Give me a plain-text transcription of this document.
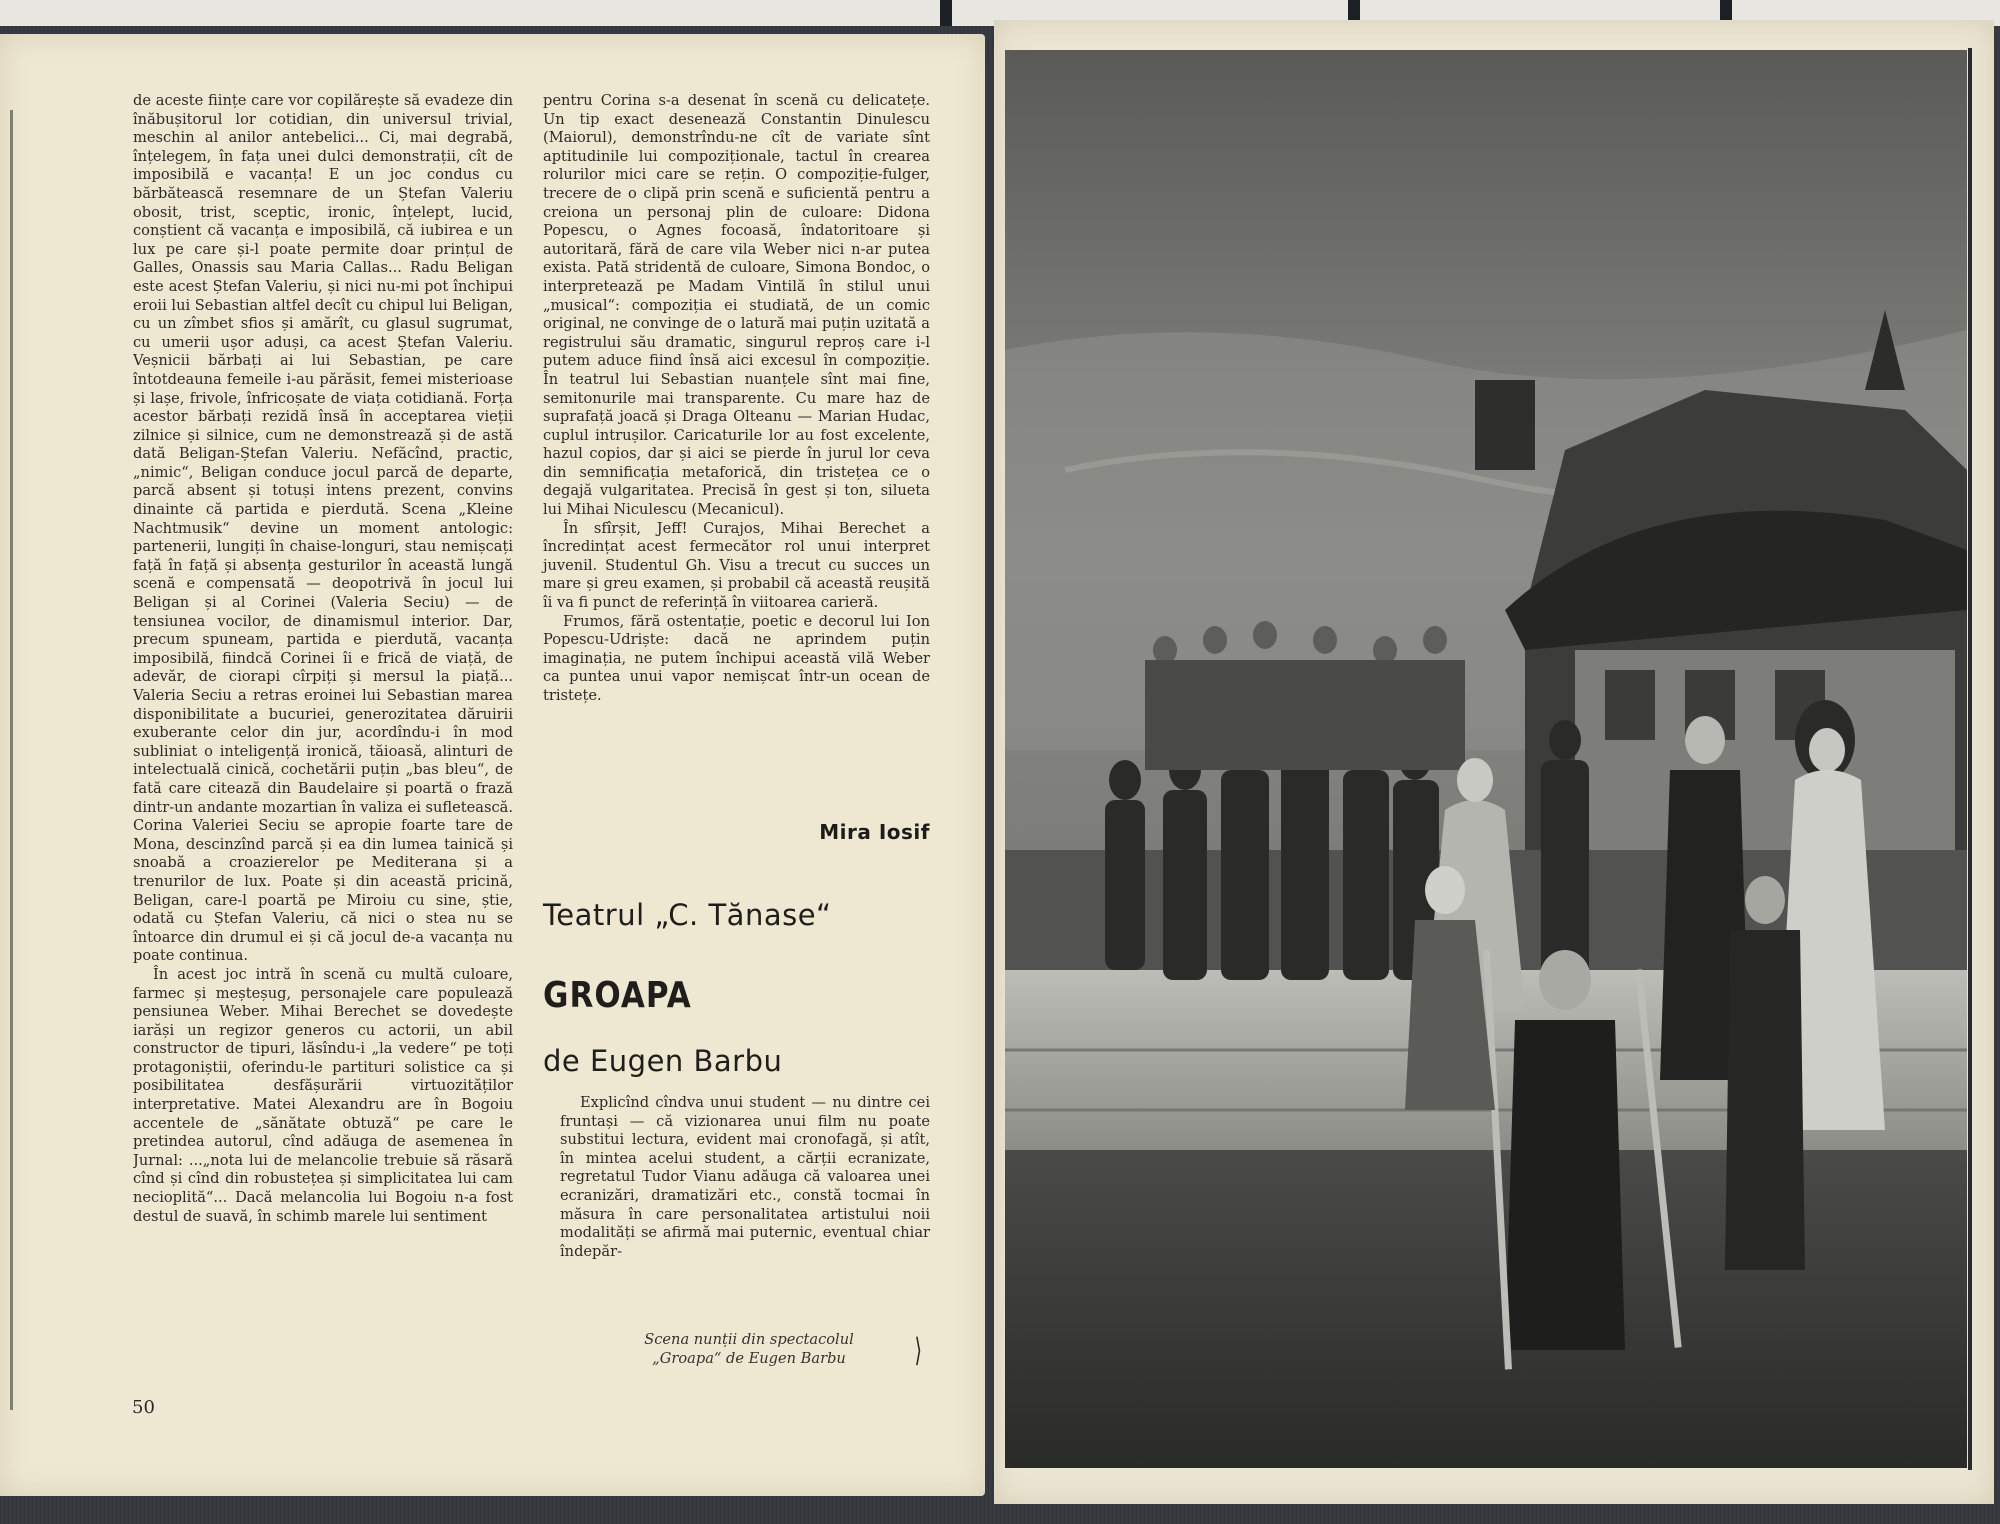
de aceste ființe care vor copilărește să evadeze din înăbușitorul lor cotidian, din universul trivial, meschin al anilor antebelici... Ci, mai degrabă, înțelegem, în fața unei dulci demonstrații, cît de imposibilă e vacanța! E un joc condus cu bărbătească resemnare de un Ștefan Valeriu obosit, trist, sceptic, ironic, înțelept, lucid, conștient că vacanța e imposibilă, că iubirea e un lux pe care și-l poate permite doar prințul de Galles, Onassis sau Maria Callas... Radu Beligan este acest Ștefan Valeriu, și nici nu-mi pot închipui eroii lui Sebastian altfel decît cu chipul lui Beligan, cu un zîmbet sfios și amărît, cu glasul sugrumat, cu umerii ușor aduși, ca acest Ștefan Valeriu. Veșnicii bărbați ai lui Sebastian, pe care întotdeauna femeile i-au părăsit, femei misterioase și lașe, frivole, înfricoșate de viața cotidiană. Forța acestor bărbați rezidă însă în acceptarea vieții zilnice și silnice, cum ne demonstrează și de astă dată Beligan-Ștefan Valeriu. Nefăcînd, practic, „nimic“, Beligan conduce jocul parcă de departe, parcă absent și totuși intens prezent, convins dinainte că partida e pierdută. Scena „Kleine Nachtmusik“ devine un moment antologic: partenerii, lungiți în chaise-longuri, stau nemișcați față în față și absența gesturilor în această lungă scenă e compensată — deopotrivă în jocul lui Beligan și al Corinei (Valeria Seciu) — de tensiunea vocilor, de dinamismul interior. Dar, precum spuneam, partida e pierdută, vacanța imposibilă, fiindcă Corinei îi e frică de viață, de adevăr, de ciorapi cîrpiți și mersul la piață... Valeria Seciu a retras eroinei lui Sebastian marea disponibilitate a bucuriei, generozitatea dăruirii exuberante celor din jur, acordîndu-i în mod subliniat o inteligență ironică, tăioasă, alinturi de intelectuală cinică, cochetării puțin „bas bleu“, de fată care citează din Baudelaire și poartă o frază dintr-un andante mozartian în valiza ei sufletească. Corina Valeriei Seciu se apropie foarte tare de Mona, descinzînd parcă și ea din lumea tainică și snoabă a croazierelor pe Mediterana și a trenurilor de lux. Poate și din această pricină, Beligan, care-l poartă pe Miroiu cu sine, știe, odată cu Ștefan Valeriu, că nici o stea nu se întoarce din drumul ei și că jocul de-a vacanța nu poate continua.

În acest joc intră în scenă cu multă culoare, farmec și meșteșug, personajele care populează pensiunea Weber. Mihai Berechet se dovedește iarăși un regizor generos cu actorii, un abil constructor de tipuri, lăsîndu-i „la vedere“ pe toți protagoniștii, oferindu-le partituri solistice ca și posibilitatea desfășurării virtuozităților interpretative. Matei Alexandru are în Bogoiu accentele de „sănătate obtuză“ pe care le pretindea autorul, cînd adăuga de asemenea în Jurnal: ...„nota lui de melancolie trebuie să răsară cînd și cînd din robustețea și simplicitatea lui cam necioplită“... Dacă melancolia lui Bogoiu n-a fost destul de suavă, în schimb marele lui sentiment

pentru Corina s-a desenat în scenă cu delicatețe. Un tip exact desenează Constantin Dinulescu (Maiorul), demonstrîndu-ne cît de variate sînt aptitudinile lui compoziționale, tactul în crearea rolurilor mici care se rețin. O compoziție-fulger, trecere de o clipă prin scenă e suficientă pentru a creiona un personaj plin de culoare: Didona Popescu, o Agnes focoasă, îndatoritoare și autoritară, fără de care vila Weber nici n-ar putea exista. Pată stridentă de culoare, Simona Bondoc, o interpretează pe Madam Vintilă în stilul unui „musical“: compoziția ei studiată, de un comic original, ne convinge de o latură mai puțin uzitată a registrului său dramatic, singurul reproș care i-l putem aduce fiind însă aici excesul în compoziție. În teatrul lui Sebastian nuanțele sînt mai fine, semitonurile mai transparente. Cu mare haz de suprafață joacă și Draga Olteanu — Marian Hudac, cuplul intrușilor. Caricaturile lor au fost excelente, hazul copios, dar și aici se pierde în jurul lor ceva din semnificația metaforică, din tristețea ce o degajă vulgaritatea. Precisă în gest și ton, silueta lui Mihai Niculescu (Mecanicul).

În sfîrșit, Jeff! Curajos, Mihai Berechet a încredințat acest fermecător rol unui interpret juvenil. Studentul Gh. Visu a trecut cu succes un mare și greu examen, și probabil că această reușită îi va fi punct de referință în viitoarea carieră.

Frumos, fără ostentație, poetic e decorul lui Ion Popescu-Udriște: dacă ne aprindem puțin imaginația, ne putem închipui această vilă Weber ca puntea unui vapor nemișcat într-un ocean de tristețe.

Mira Iosif
Teatrul „C. Tănase“
GROAPA
de Eugen Barbu

Explicînd cîndva unui student — nu dintre cei fruntași — că vizionarea unui film nu poate substitui lectura, evident mai cronofagă, și atît, în mintea acelui student, a cărții ecranizate, regretatul Tudor Vianu adăuga că valoarea unei ecranizări, dramatizări etc., constă tocmai în măsura în care personalitatea artistului noii modalități se afirmă mai puternic, eventual chiar îndepăr-

Scena nunții din spectacolul
„Groapa“ de Eugen Barbu	⟩
50
